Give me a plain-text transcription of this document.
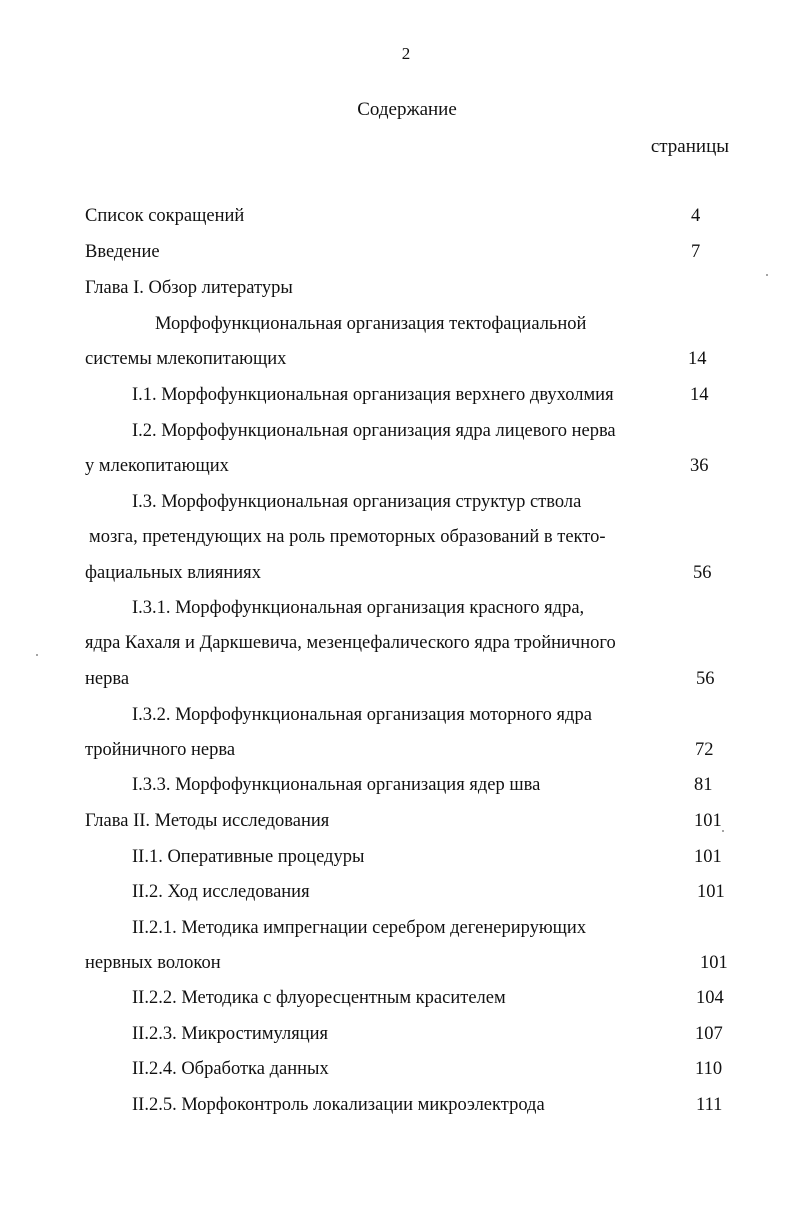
2
Содержание
страницы
Список сокращений	4
Введение	7
Глава I. Обзор литературы
Морфофункциональная организация тектофациальной
системы млекопитающих	14
I.1. Морфофункциональная организация верхнего двухолмия	14
I.2. Морфофункциональная организация ядра лицевого нерва
у млекопитающих	36
I.3. Морфофункциональная организация структур ствола
мозга, претендующих на роль премоторных образований в текто-
фациальных влияниях	56
I.3.1. Морфофункциональная организация красного ядра,
ядра Кахаля и Даркшевича, мезенцефалического ядра тройничного
нерва	56
I.3.2. Морфофункциональная организация моторного ядра
тройничного нерва	72
I.3.3. Морфофункциональная организация ядер шва	81
Глава II. Методы исследования	101
II.1. Оперативные процедуры	101
II.2. Ход исследования	101
II.2.1. Методика импрегнации серебром дегенерирующих
нервных волокон	101
II.2.2. Методика с флуоресцентным красителем	104
II.2.3. Микростимуляция	107
II.2.4. Обработка данных	110
II.2.5. Морфоконтроль локализации микроэлектрода	111
